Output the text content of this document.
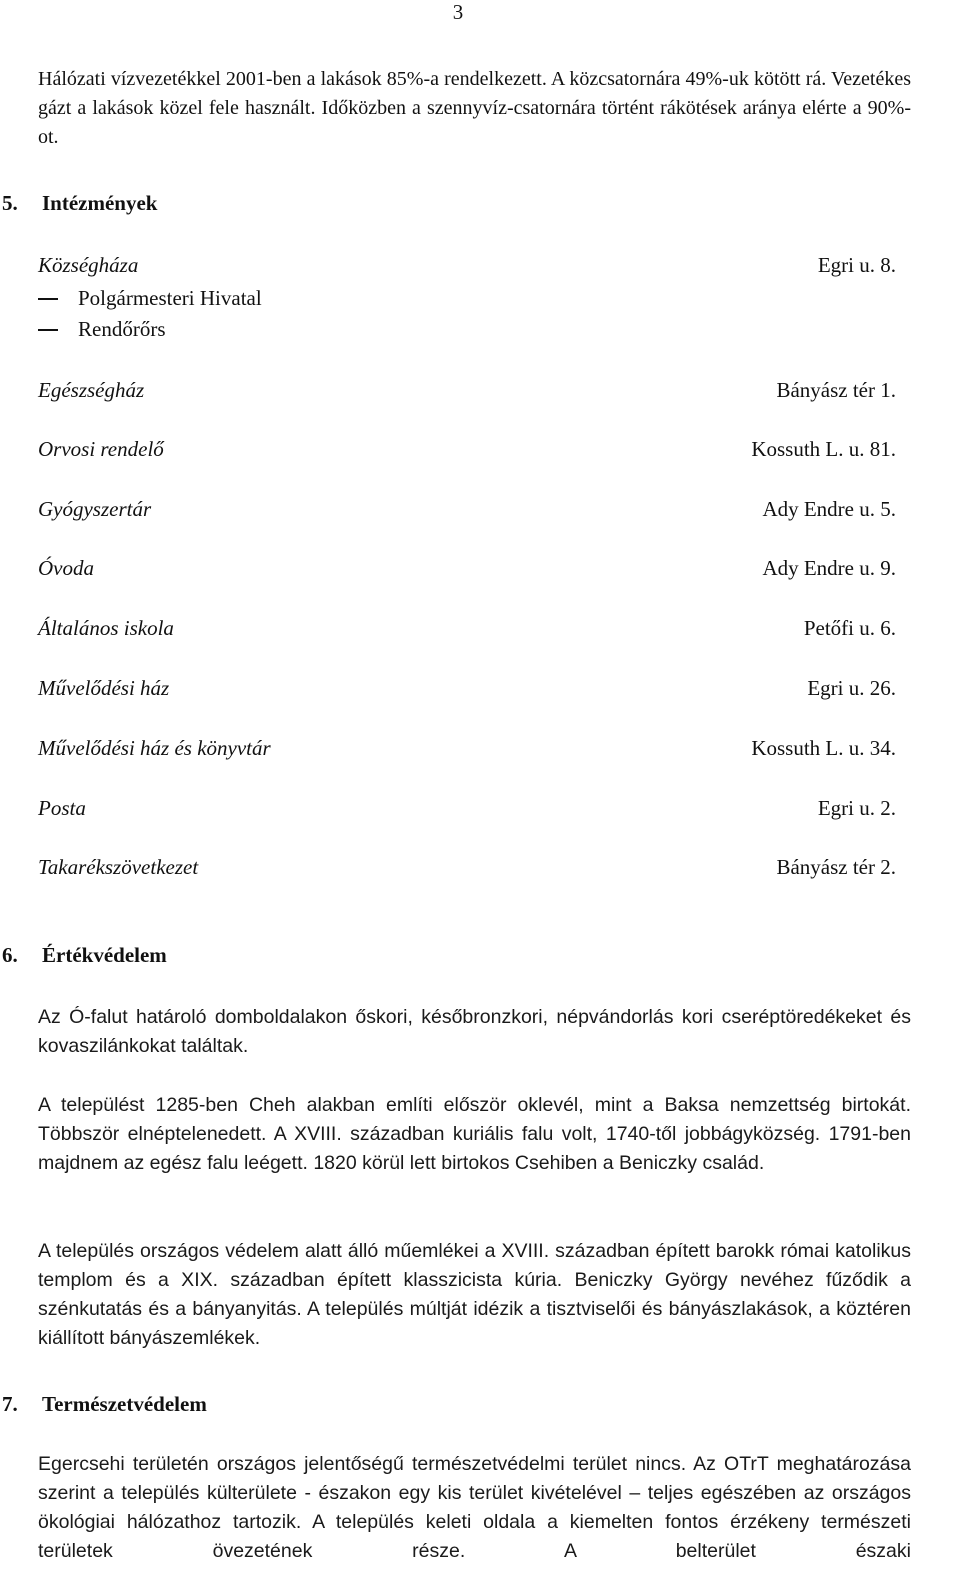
3

Hálózati vízvezetékkel 2001-ben a lakások 85%-a rendelkezett. A közcsatornára 49%-uk kötött rá. Vezetékes gázt a lakások közel fele használt. Időközben a szennyvíz-csatornára történt rákötések aránya elérte a 90%-ot.

5. Intézmények
Községháza	Egri u. 8.
Polgármesteri Hivatal
Rendőrőrs
Egészségház	Bányász tér 1.
Orvosi rendelő	Kossuth L. u. 81.
Gyógyszertár	Ady Endre u. 5.
Óvoda	Ady Endre u. 9.
Általános iskola	Petőfi u. 6.
Művelődési ház	Egri u. 26.
Művelődési ház és könyvtár	Kossuth L. u. 34.
Posta	Egri u. 2.
Takarékszövetkezet	Bányász tér 2.
6. Értékvédelem

Az Ó-falut határoló domboldalakon őskori, későbronzkori, népvándorlás kori cseréptöredékeket és kovaszilánkokat találtak.

A települést 1285-ben Cheh alakban említi először oklevél, mint a Baksa nemzettség birtokát. Többször elnéptelenedett. A XVIII. században kuriális falu volt, 1740-től jobbágyközség. 1791-ben majdnem az egész falu leégett. 1820 körül lett birtokos Csehiben a Beniczky család.

A település országos védelem alatt álló műemlékei a XVIII. században épített barokk római katolikus templom és a XIX. században épített klasszicista kúria. Beniczky György nevéhez fűződik a szénkutatás és a bányanyitás. A település múltját idézik a tisztviselői és bányászlakások, a köztéren kiállított bányászemlékek.

7. Természetvédelem

Egercsehi területén országos jelentőségű természetvédelmi terület nincs. Az OTrT meghatározása szerint a település külterülete - északon egy kis terület kivételével – teljes egészében az országos ökológiai hálózathoz tartozik. A település keleti oldala a kiemelten fontos érzékeny természeti területek övezetének része. A belterület északi
